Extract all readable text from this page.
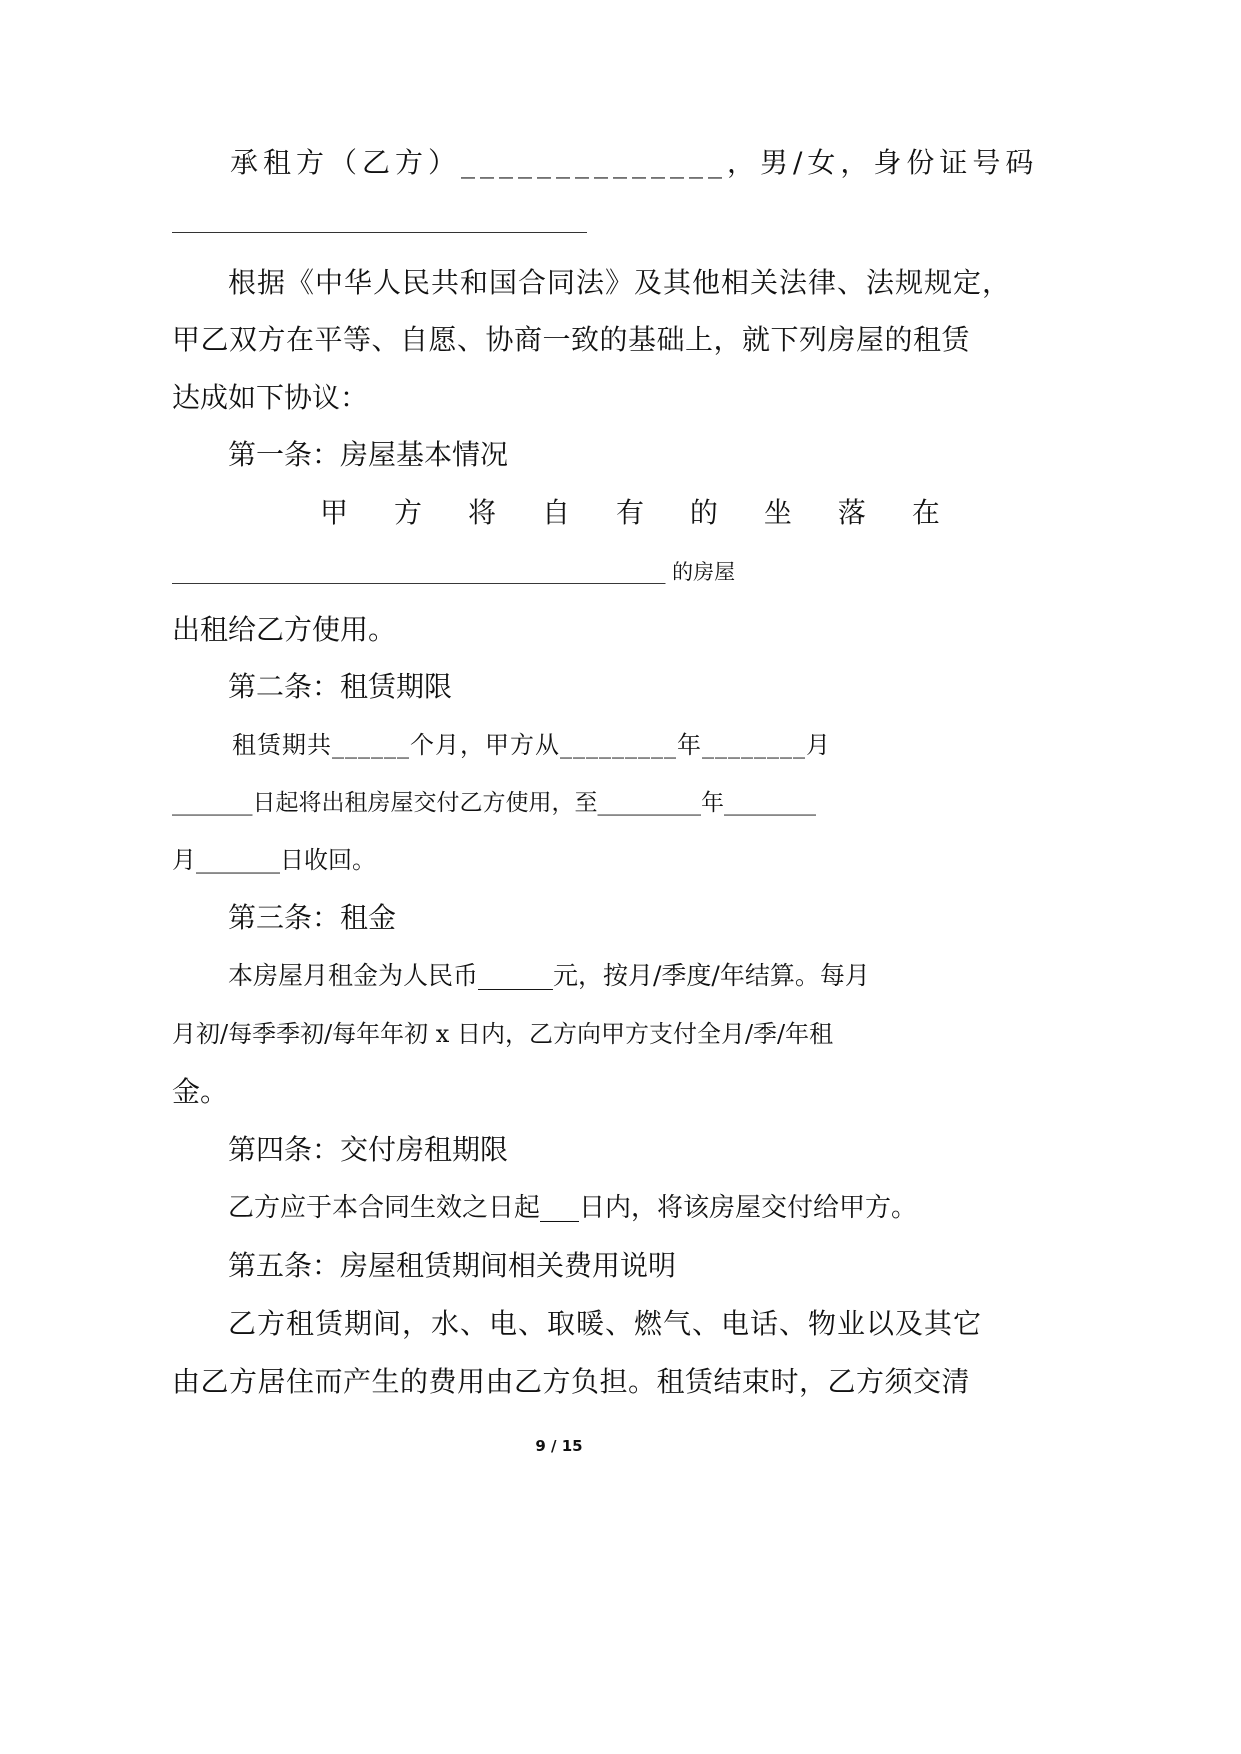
承租方（乙方）______________，男/女，身份证号码

根据《中华人民共和国合同法》及其他相关法律、法规规定，

甲乙双方在平等、自愿、协商一致的基础上，就下列房屋的租赁

达成如下协议：

第一条：房屋基本情况

甲 方 将 自 有 的 坐 落 在

_______________________________________________ 的房屋

出租给乙方使用。

第二条：租赁期限

租赁期共______个月，甲方从_________年________月

_______日起将出租房屋交付乙方使用，至_________年________

月_______日收回。

第三条：租金

本房屋月租金为人民币______元，按月/季度/年结算。每月

月初/每季季初/每年年初 x 日内，乙方向甲方支付全月/季/年租

金。

第四条：交付房租期限

乙方应于本合同生效之日起___日内，将该房屋交付给甲方。

第五条：房屋租赁期间相关费用说明

乙方租赁期间，水、电、取暖、燃气、电话、物业以及其它

由乙方居住而产生的费用由乙方负担。租赁结束时，乙方须交清

9 / 15
